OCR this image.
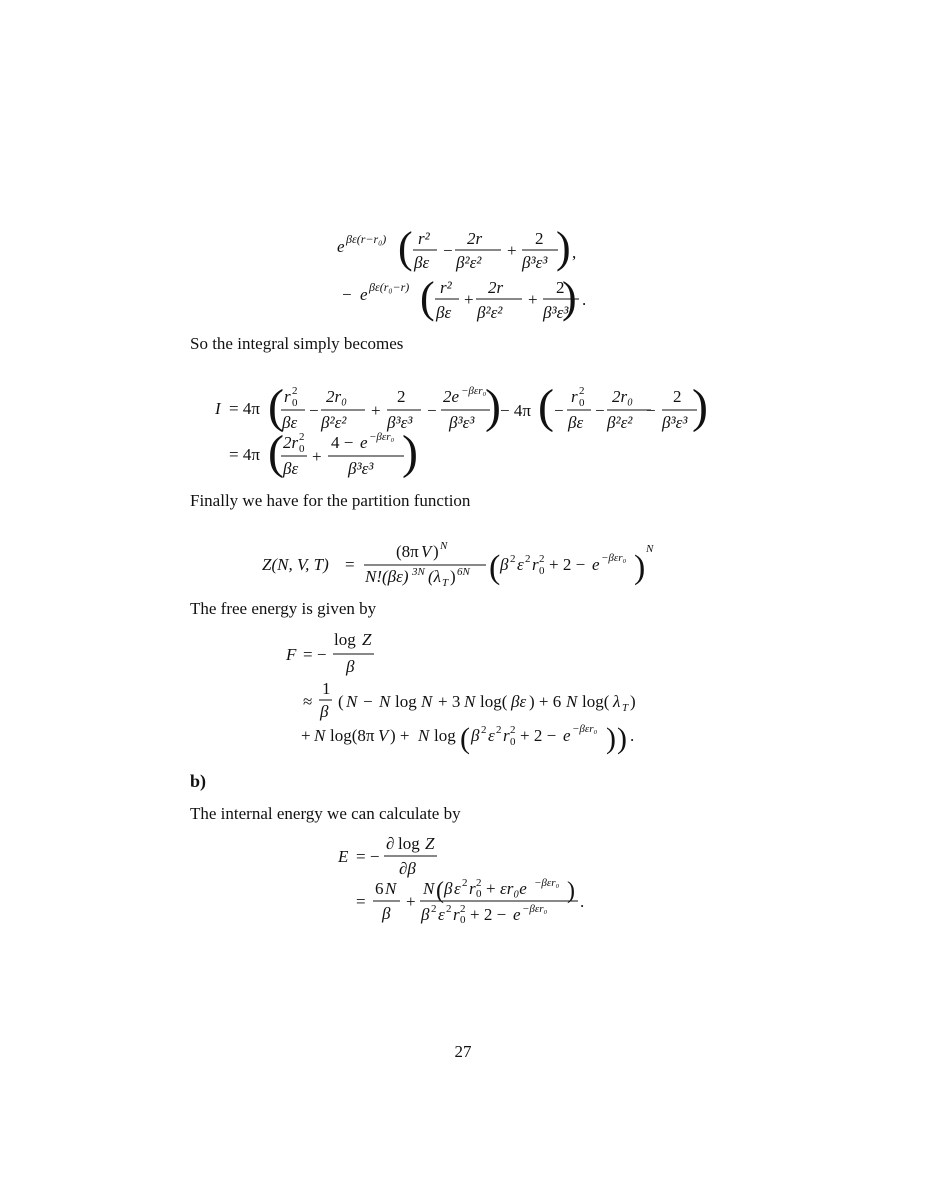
e βε(r−r₀) ( r²
βε
−
2r
β²ε²
+
2
β³ε³ ) ,
− e βε(r₀−r) ( r²
βε
+
2r
β²ε²
+
2
β³ε³
) .
I = 4π ( r 2
0
βε
−
2r₀
β²ε²
+
2
β³ε³
−
2e −βεr₀
β³ε³ ) − 4π ( −
r 2
0
βε
−
2r₀
β²ε²
−
2
β³ε³ )
= 4π ( 2r 2
0
βε
+
4 − e −βεr₀
β³ε³ )
Z(N, V, T) =
(8π V ) N
N!(βε) 3N (λ T ) 6N ( β 2 ε 2 r 2
0 + 2 − e −βεr₀ ) N
F = −
log Z
β
≈
1
β
( N − N log N + 3 N log( βε ) + 6 N log( λ T )
+ N log(8π V ) + N log ( β 2 ε 2 r 2
0 + 2 − e −βεr₀ ) ) .
E = −
∂ log Z
∂β
=
6 N
β
+
N ( β ε 2 r 2
0 + εr₀e −βεr₀ )
β 2 ε 2 r 2
0 + 2 − e −βεr₀ .
So the integral simply becomes
Finally we have for the partition function
The free energy is given by
b)
The internal energy we can calculate by
27
